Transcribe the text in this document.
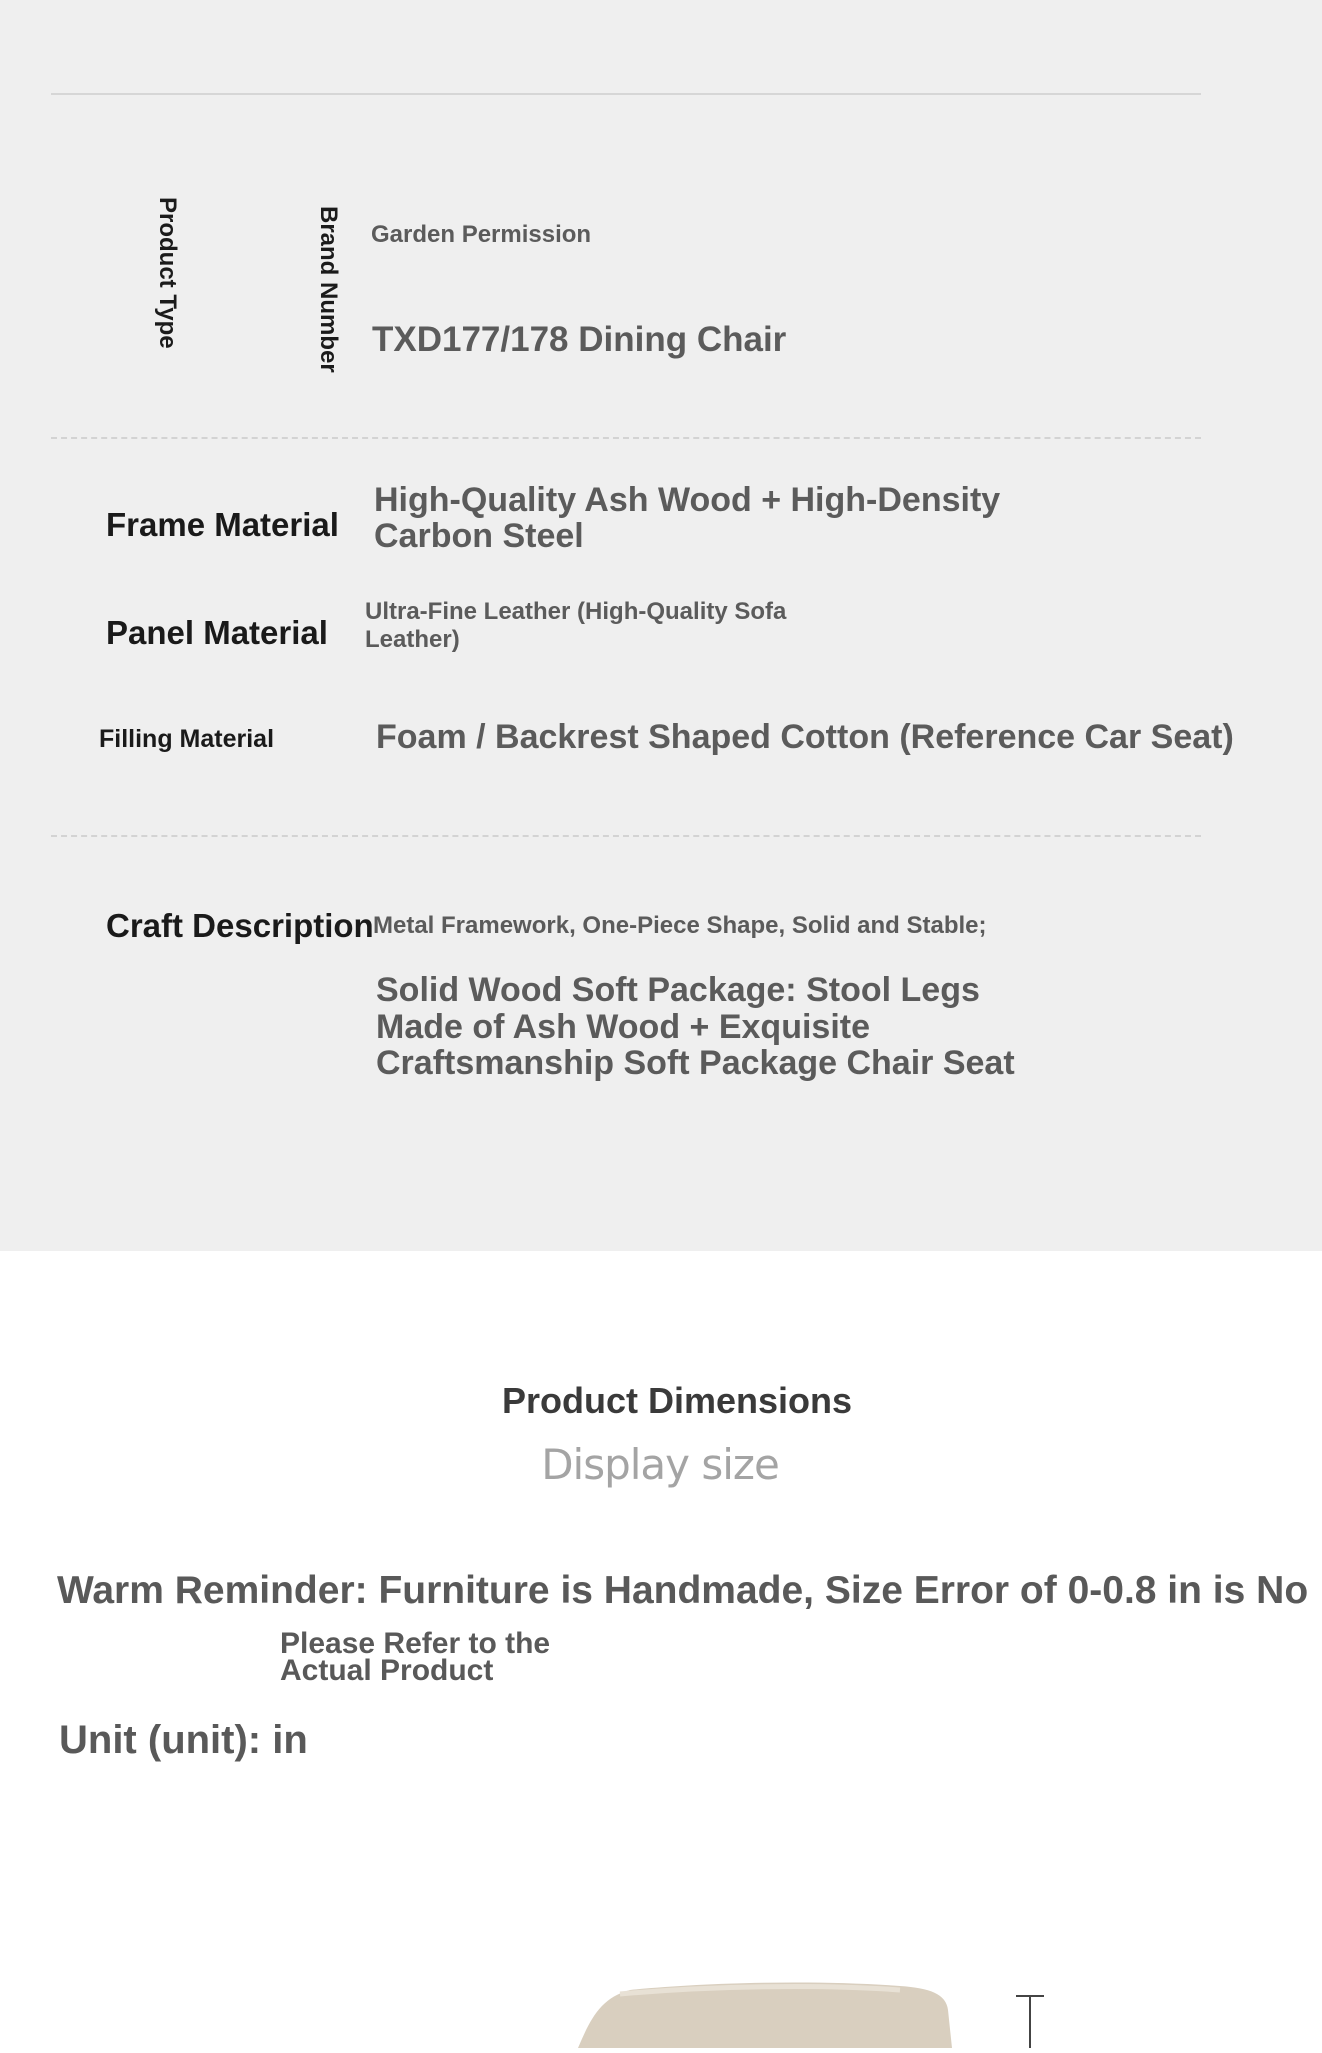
Product Type	Brand Number Garden Permission
TXD177/178 Dining Chair
Frame Material
High-Quality Ash Wood + High-Density
Carbon Steel
Panel Material
Ultra-Fine Leather (High-Quality Sofa
Leather)
Filling Material	Foam / Backrest Shaped Cotton (Reference Car Seat)
Craft Description Metal Framework, One-Piece Shape, Solid and Stable;
Solid Wood Soft Package: Stool Legs
Made of Ash Wood + Exquisite
Craftsmanship Soft Package Chair Seat
Product Dimensions
Display size
Warm Reminder: Furniture is Handmade, Size Error of 0-0.8 in is No
Please Refer to the
Actual Product
Unit (unit): in
